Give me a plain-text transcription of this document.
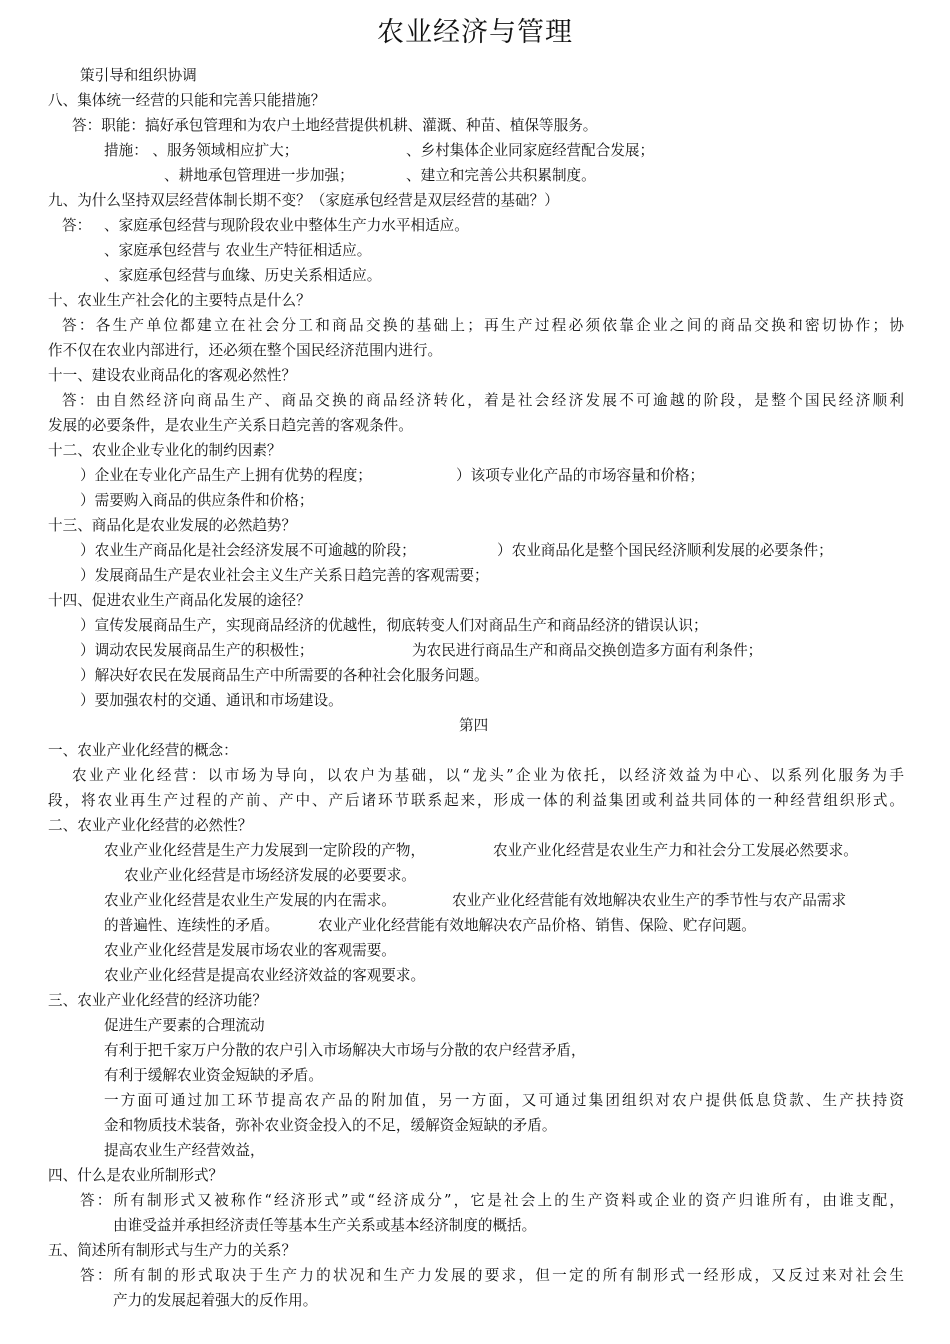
农业经济与管理
策引导和组织协调
八、集体统一经营的只能和完善只能措施？
答：职能：搞好承包管理和为农户土地经营提供机耕、灌溉、种苗、植保等服务。
措施： 、服务领域相应扩大；	、乡村集体企业同家庭经营配合发展；
、耕地承包管理进一步加强；	、建立和完善公共积累制度。
九、为什么坚持双层经营体制长期不变？（家庭承包经营是双层经营的基础？）
答： 、家庭承包经营与现阶段农业中整体生产力水平相适应。
、家庭承包经营与 农业生产特征相适应。
、家庭承包经营与血缘、历史关系相适应。
十、农业生产社会化的主要特点是什么？
答：各生产单位都建立在社会分工和商品交换的基础上；再生产过程必须依靠企业之间的商品交换和密切协作；协
作不仅在农业内部进行，还必须在整个国民经济范围内进行。
十一、建设农业商品化的客观必然性？
答：由自然经济向商品生产、商品交换的商品经济转化，着是社会经济发展不可逾越的阶段，是整个国民经济顺利
发展的必要条件，是农业生产关系日趋完善的客观条件。
十二、农业企业专业化的制约因素？
）企业在专业化产品生产上拥有优势的程度；	）该项专业化产品的市场容量和价格；
）需要购入商品的供应条件和价格；
十三、商品化是农业发展的必然趋势？
）农业生产商品化是社会经济发展不可逾越的阶段；	）农业商品化是整个国民经济顺利发展的必要条件；
）发展商品生产是农业社会主义生产关系日趋完善的客观需要；
十四、促进农业生产商品化发展的途径？
）宣传发展商品生产，实现商品经济的优越性，彻底转变人们对商品生产和商品经济的错误认识；
）调动农民发展商品生产的积极性；	为农民进行商品生产和商品交换创造多方面有利条件；
）解决好农民在发展商品生产中所需要的各种社会化服务问题。
）要加强农村的交通、通讯和市场建设。
第四
一、农业产业化经营的概念：
农业产业化经营：以市场为导向，以农户为基础，以“龙头”企业为依托，以经济效益为中心、以系列化服务为手
段，将农业再生产过程的产前、产中、产后诸环节联系起来，形成一体的利益集团或利益共同体的一种经营组织形式。
二、农业产业化经营的必然性？
农业产业化经营是生产力发展到一定阶段的产物，	农业产业化经营是农业生产力和社会分工发展必然要求。
农业产业化经营是市场经济发展的必要要求。
农业产业化经营是农业生产发展的内在需求。	农业产业化经营能有效地解决农业生产的季节性与农产品需求
的普遍性、连续性的矛盾。	农业产业化经营能有效地解决农产品价格、销售、保险、贮存问题。
农业产业化经营是发展市场农业的客观需要。
农业产业化经营是提高农业经济效益的客观要求。
三、农业产业化经营的经济功能？
促进生产要素的合理流动
有利于把千家万户分散的农户引入市场解决大市场与分散的农户经营矛盾，
有利于缓解农业资金短缺的矛盾。
一方面可通过加工环节提高农产品的附加值，另一方面，又可通过集团组织对农户提供低息贷款、生产扶持资
金和物质技术装备，弥补农业资金投入的不足，缓解资金短缺的矛盾。
提高农业生产经营效益，
四、什么是农业所制形式？
答：所有制形式又被称作“经济形式”或“经济成分”，它是社会上的生产资料或企业的资产归谁所有，由谁支配，
由谁受益并承担经济责任等基本生产关系或基本经济制度的概括。
五、简述所有制形式与生产力的关系？
答：所有制的形式取决于生产力的状况和生产力发展的要求，但一定的所有制形式一经形成，又反过来对社会生
产力的发展起着强大的反作用。
